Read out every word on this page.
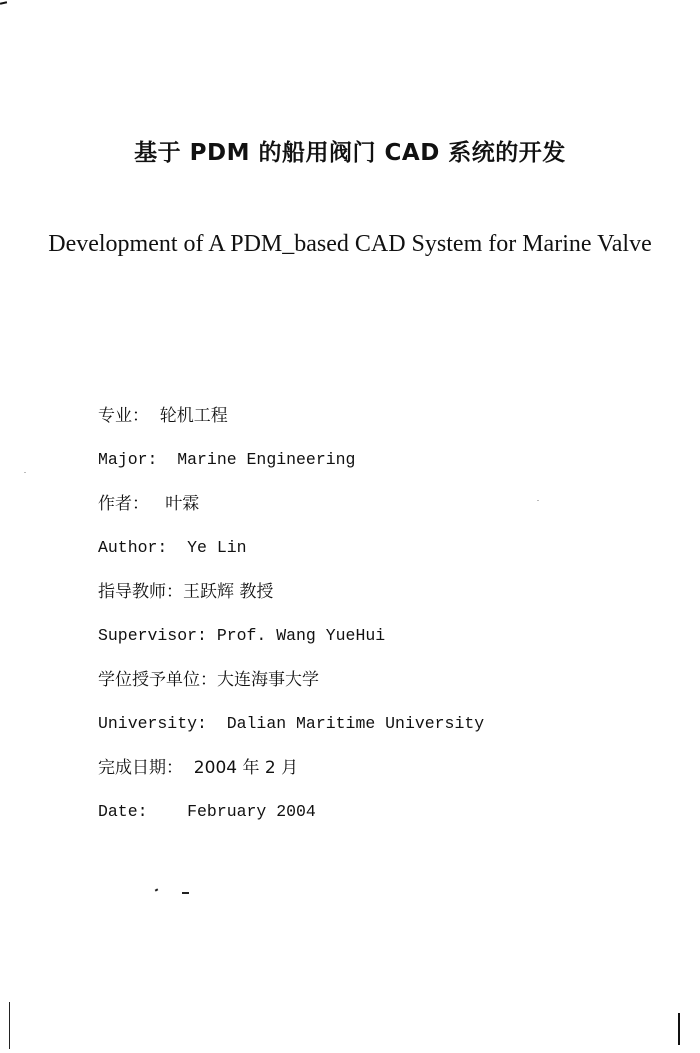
基于 PDM 的船用阀门 CAD 系统的开发
Development of A PDM_based CAD System for Marine Valve
专业：  轮机工程
Major:  Marine Engineering
作者：   叶霖
Author:  Ye Lin
指导教师：王跃辉 教授
Supervisor: Prof. Wang YueHui
学位授予单位：大连海事大学
University:  Dalian Maritime University
完成日期：  2004 年 2 月
Date:    February 2004
